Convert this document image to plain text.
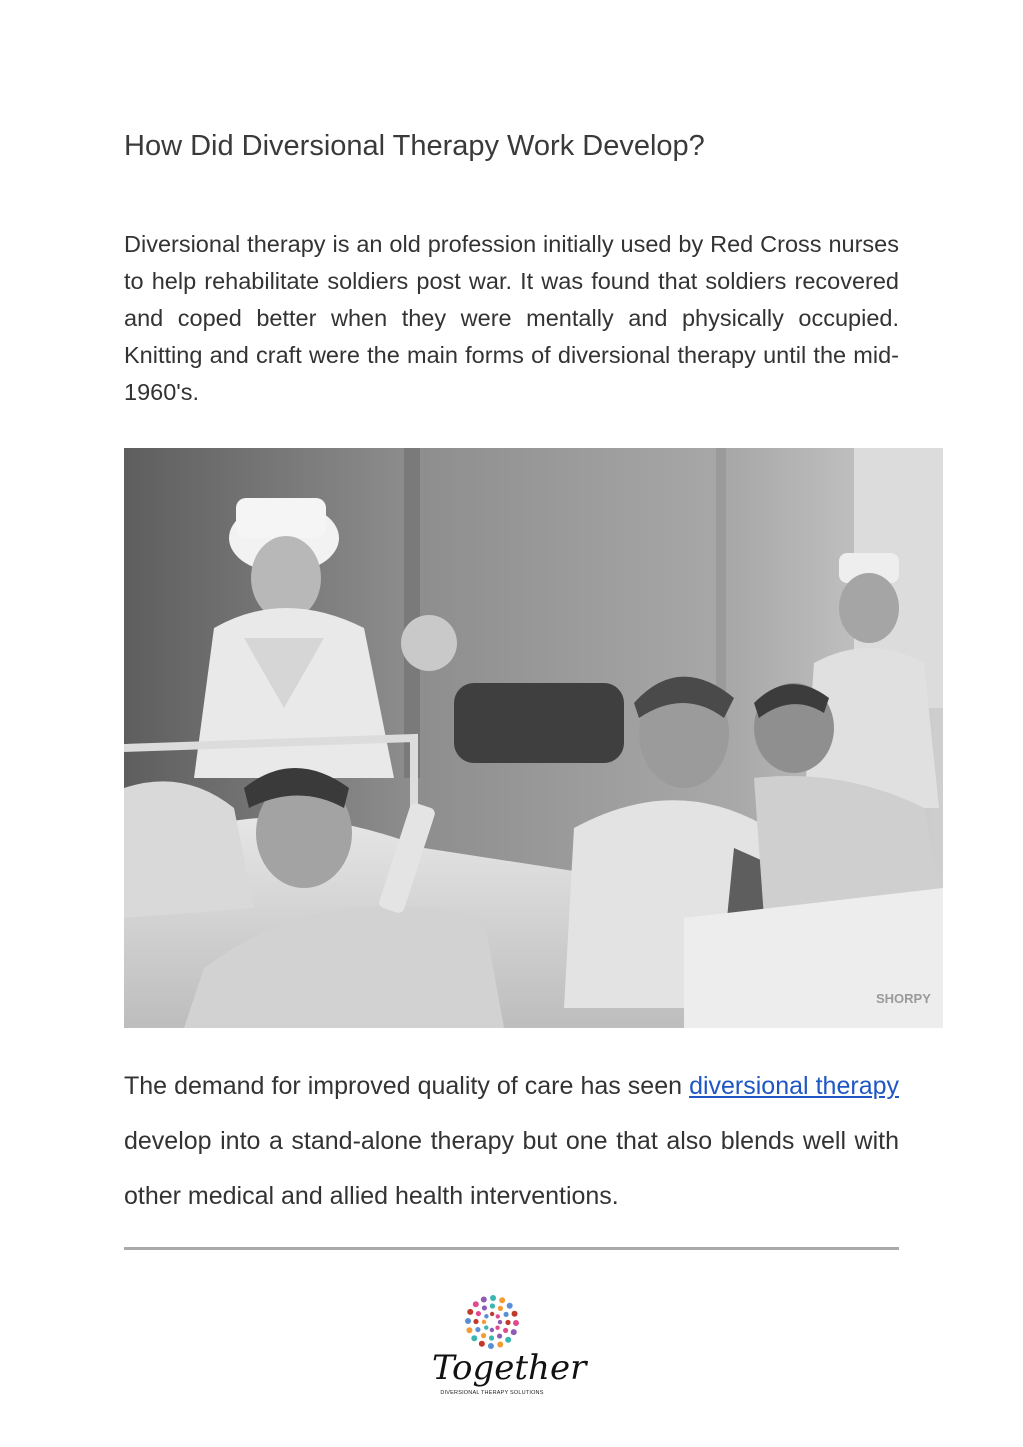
How Did Diversional Therapy Work Develop?

Diversional therapy is an old profession initially used by Red Cross nurses to help rehabilitate soldiers post war. It was found that soldiers recovered and coped better when they were mentally and physically occupied. Knitting and craft were the main forms of diversional therapy until the mid-1960's.

SHORPY

The demand for improved quality of care has seen diversional therapy develop into a stand-alone therapy but one that also blends well with other medical and allied health interventions.

Together
DIVERSIONAL THERAPY SOLUTIONS
